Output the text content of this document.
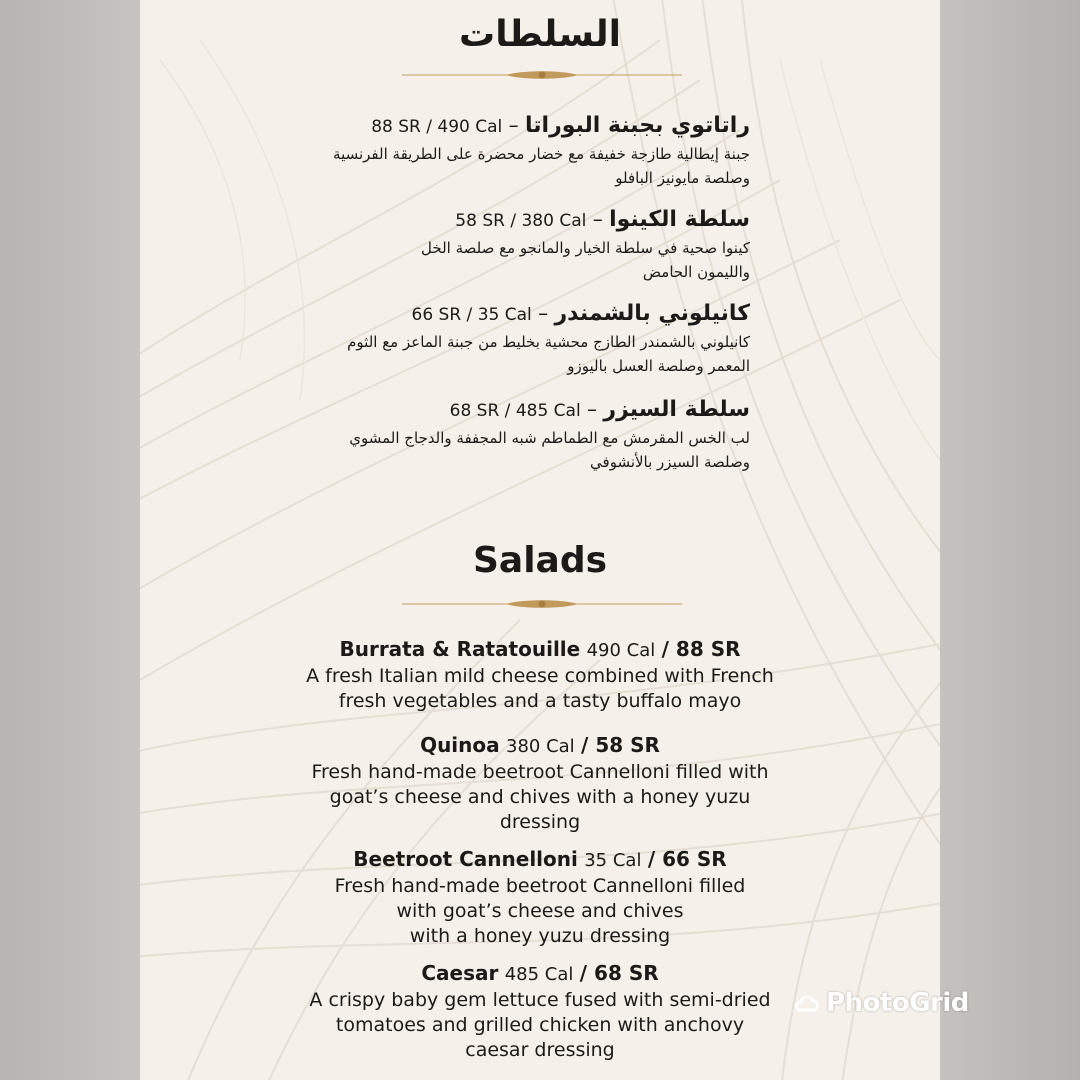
السلطات
راتاتوي بجبنة البوراتا – 88 SR / 490 Cal
جبنة إيطالية طازجة خفيفة مع خضار محضرة على الطريقة الفرنسية
وصلصة مايونيز البافلو
سلطة الكينوا – 58 SR / 380 Cal
كينوا صحية في سلطة الخيار والمانجو مع صلصة الخل
والليمون الحامض
كانيلوني بالشمندر – 66 SR / 35 Cal
كانيلوني بالشمندر الطازج محشية بخليط من جبنة الماعز مع الثوم
المعمر وصلصة العسل باليوزو
سلطة السيزر – 68 SR / 485 Cal
لب الخس المقرمش مع الطماطم شبه المجففة والدجاج المشوي
وصلصة السيزر بالأنشوفي
Salads
Burrata & Ratatouille 490 Cal / 88 SR
A fresh Italian mild cheese combined with French
fresh vegetables and a tasty buffalo mayo
Quinoa 380 Cal / 58 SR
Fresh hand-made beetroot Cannelloni filled with
goat’s cheese and chives with a honey yuzu
dressing
Beetroot Cannelloni 35 Cal / 66 SR
Fresh hand-made beetroot Cannelloni filled
with goat’s cheese and chives
with a honey yuzu dressing
Caesar 485 Cal / 68 SR
A crispy baby gem lettuce fused with semi-dried
tomatoes and grilled chicken with anchovy
caesar dressing
PhotoGrid
